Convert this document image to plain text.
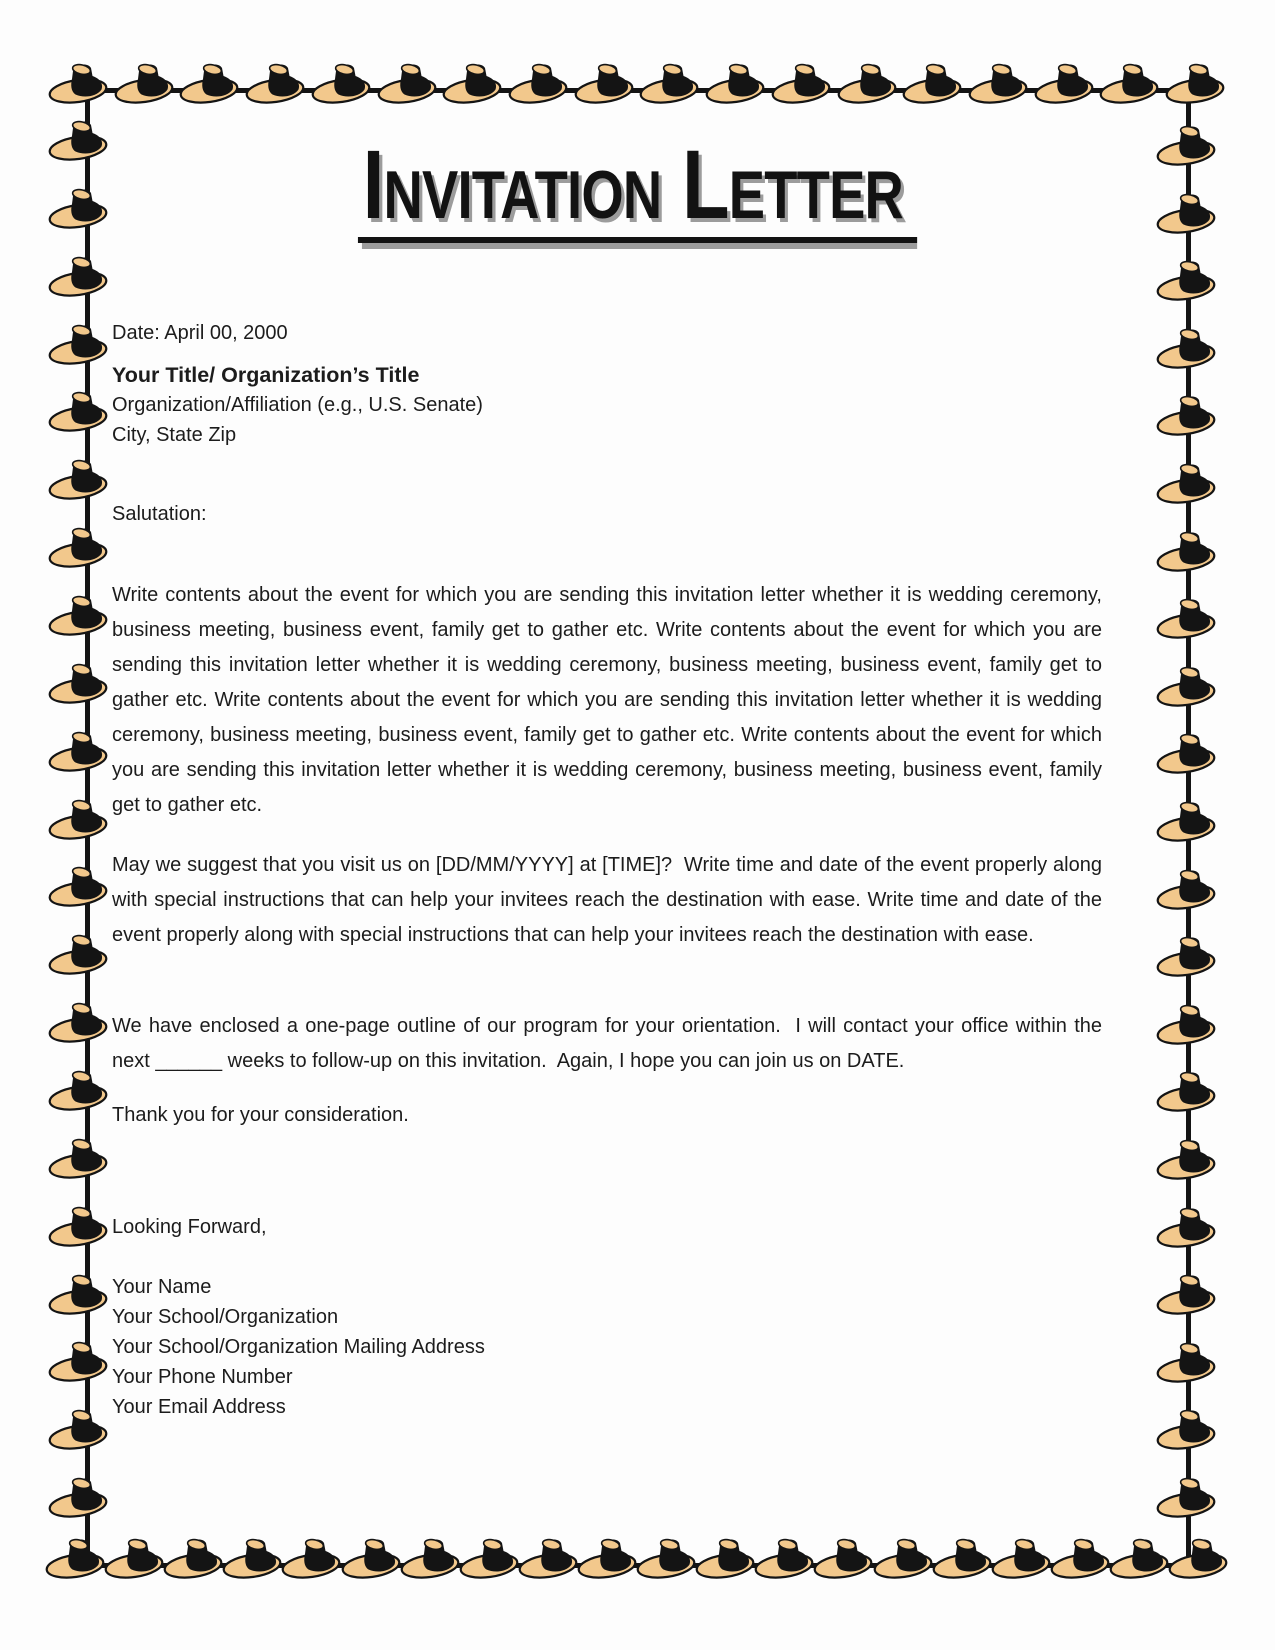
Invitation Letter
Date: April 00, 2000
Your Title/ Organization’s Title
Organization/Affiliation (e.g., U.S. Senate)
City, State Zip
Salutation:

Write contents about the event for which you are sending this invitation letter whether it is wedding ceremony, business meeting, business event, family get to gather etc. Write contents about the event for which you are sending this invitation letter whether it is wedding ceremony, business meeting, business event, family get to gather etc. Write contents about the event for which you are sending this invitation letter whether it is wedding ceremony, business meeting, business event, family get to gather etc. Write contents about the event for which you are sending this invitation letter whether it is wedding ceremony, business meeting, business event, family get to gather etc.

May we suggest that you visit us on [DD/MM/YYYY] at [TIME]?  Write time and date of the event properly along with special instructions that can help your invitees reach the destination with ease. Write time and date of the event properly along with special instructions that can help your invitees reach the destination with ease.

We have enclosed a one-page outline of our program for your orientation.  I will contact your office within the next ______ weeks to follow-up on this invitation.  Again, I hope you can join us on DATE.

Thank you for your consideration.
Looking Forward,
Your Name
Your School/Organization
Your School/Organization Mailing Address
Your Phone Number
Your Email Address
